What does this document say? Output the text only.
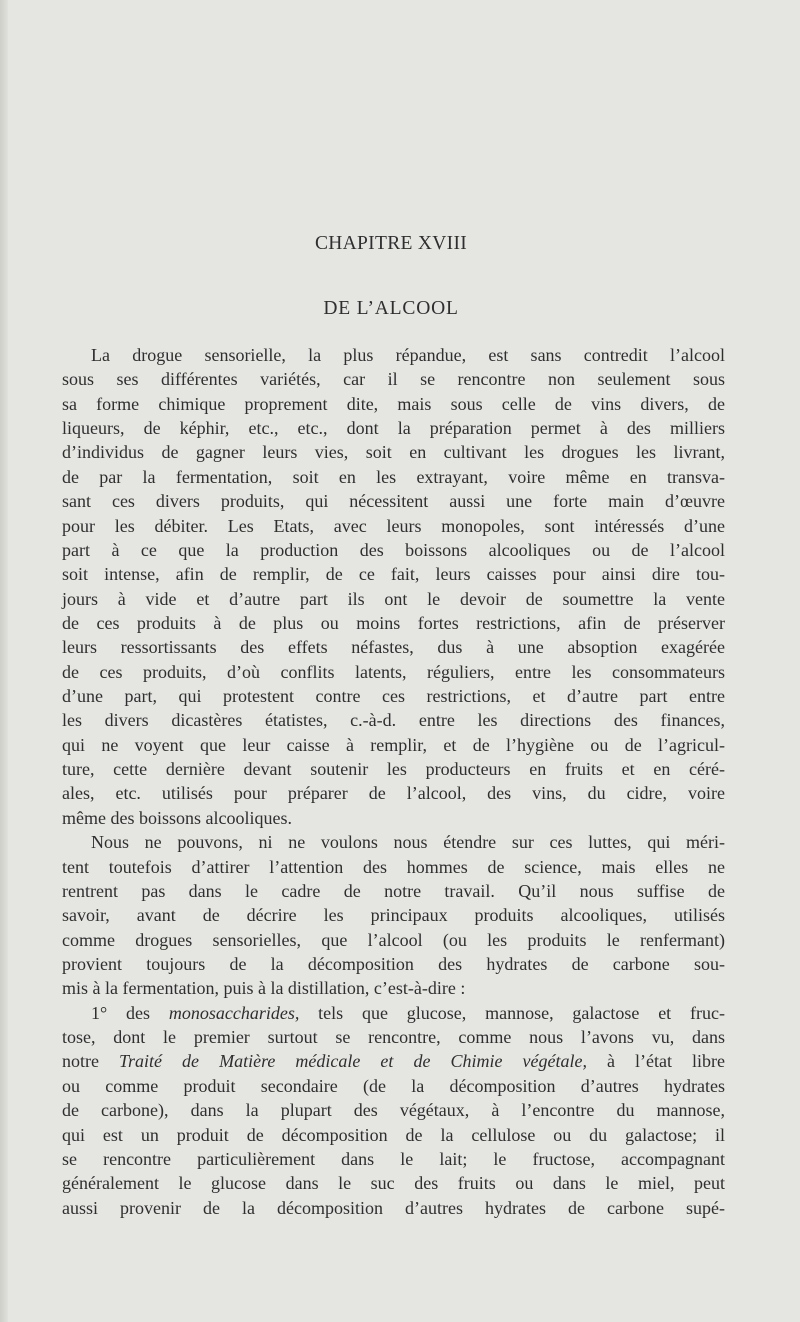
CHAPITRE XVIII
DE L’ALCOOL
La drogue sensorielle, la plus répandue, est sans contredit l’alcool
sous ses différentes variétés, car il se rencontre non seulement sous
sa forme chimique proprement dite, mais sous celle de vins divers, de
liqueurs, de képhir, etc., etc., dont la préparation permet à des milliers
d’individus de gagner leurs vies, soit en cultivant les drogues les livrant,
de par la fermentation, soit en les extrayant, voire même en transva-
sant ces divers produits, qui nécessitent aussi une forte main d’œuvre
pour les débiter. Les Etats, avec leurs monopoles, sont intéressés d’une
part à ce que la production des boissons alcooliques ou de l’alcool
soit intense, afin de remplir, de ce fait, leurs caisses pour ainsi dire tou-
jours à vide et d’autre part ils ont le devoir de soumettre la vente
de ces produits à de plus ou moins fortes restrictions, afin de préserver
leurs ressortissants des effets néfastes, dus à une absoption exagérée
de ces produits, d’où conflits latents, réguliers, entre les consommateurs
d’une part, qui protestent contre ces restrictions, et d’autre part entre
les divers dicastères étatistes, c.-à-d. entre les directions des finances,
qui ne voyent que leur caisse à remplir, et de l’hygiène ou de l’agricul-
ture, cette dernière devant soutenir les producteurs en fruits et en céré-
ales, etc. utilisés pour préparer de l’alcool, des vins, du cidre, voire
même des boissons alcooliques.
Nous ne pouvons, ni ne voulons nous étendre sur ces luttes, qui méri-
tent toutefois d’attirer l’attention des hommes de science, mais elles ne
rentrent pas dans le cadre de notre travail. Qu’il nous suffise de
savoir, avant de décrire les principaux produits alcooliques, utilisés
comme drogues sensorielles, que l’alcool (ou les produits le renfermant)
provient toujours de la décomposition des hydrates de carbone sou-
mis à la fermentation, puis à la distillation, c’est-à-dire :
1° des monosaccharides, tels que glucose, mannose, galactose et fruc-
tose, dont le premier surtout se rencontre, comme nous l’avons vu, dans
notre Traité de Matière médicale et de Chimie végétale, à l’état libre
ou comme produit secondaire (de la décomposition d’autres hydrates
de carbone), dans la plupart des végétaux, à l’encontre du mannose,
qui est un produit de décomposition de la cellulose ou du galactose; il
se rencontre particulièrement dans le lait; le fructose, accompagnant
généralement le glucose dans le suc des fruits ou dans le miel, peut
aussi provenir de la décomposition d’autres hydrates de carbone supé-
